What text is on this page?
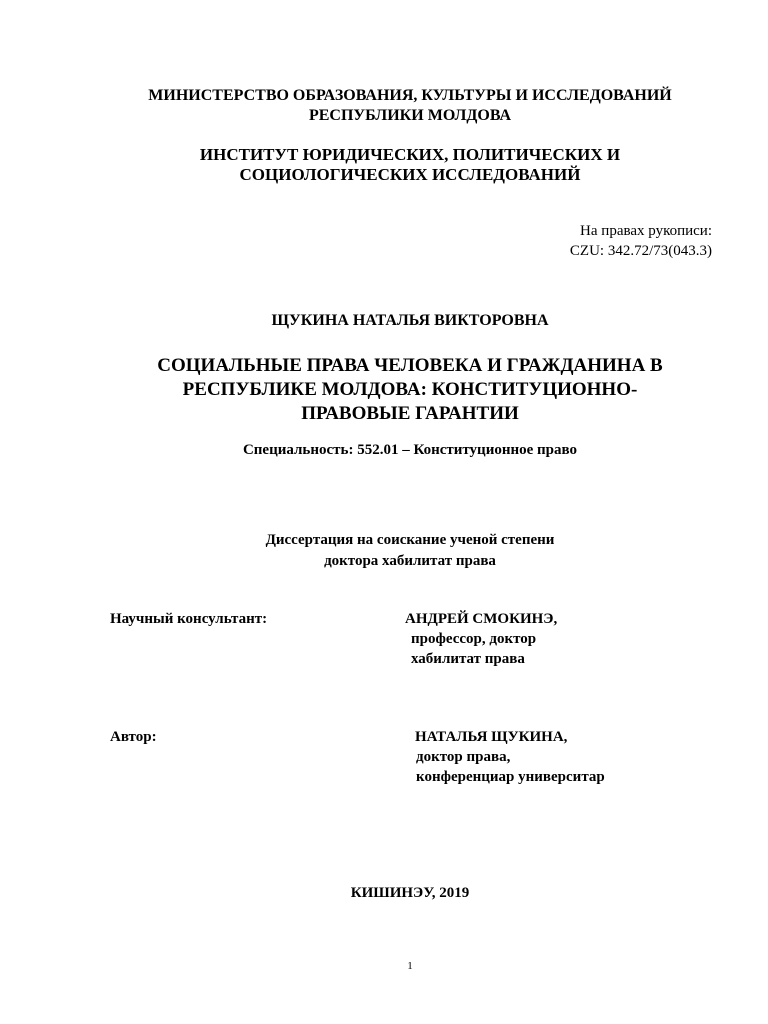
МИНИСТЕРСТВО ОБРАЗОВАНИЯ, КУЛЬТУРЫ И ИССЛЕДОВАНИЙ
РЕСПУБЛИКИ МОЛДОВА
ИНСТИТУТ ЮРИДИЧЕСКИХ, ПОЛИТИЧЕСКИХ И
СОЦИОЛОГИЧЕСКИХ ИССЛЕДОВАНИЙ
На правах рукописи:
CZU: 342.72/73(043.3)
ЩУКИНА НАТАЛЬЯ ВИКТОРОВНА
СОЦИАЛЬНЫЕ ПРАВА ЧЕЛОВЕКА И ГРАЖДАНИНА В
РЕСПУБЛИКЕ МОЛДОВА: КОНСТИТУЦИОННО-
ПРАВОВЫЕ ГАРАНТИИ
Специальность: 552.01 – Конституционное право
Диссертация на соискание ученой степени
доктора хабилитат права
Научный консультант:	АНДРЕЙ СМОКИНЭ,
профессор, доктор
хабилитат права
Автор:	НАТАЛЬЯ ЩУКИНА,
доктор права,
конференциар университар
КИШИНЭУ, 2019
1
